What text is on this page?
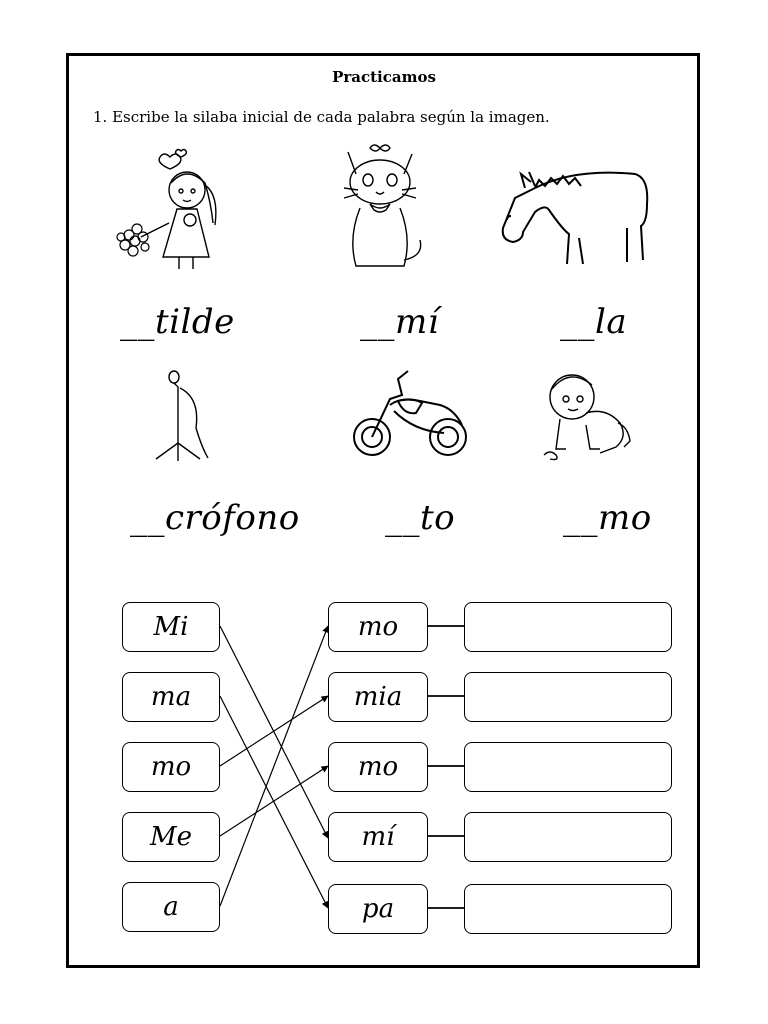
Practicamos
1. Escribe la silaba inicial de cada palabra según la imagen.
__tilde	__mí	__la
__crófono	__to	__mo
Mi
ma
mo
Me
a
mo
mia
mo
mí
pa
